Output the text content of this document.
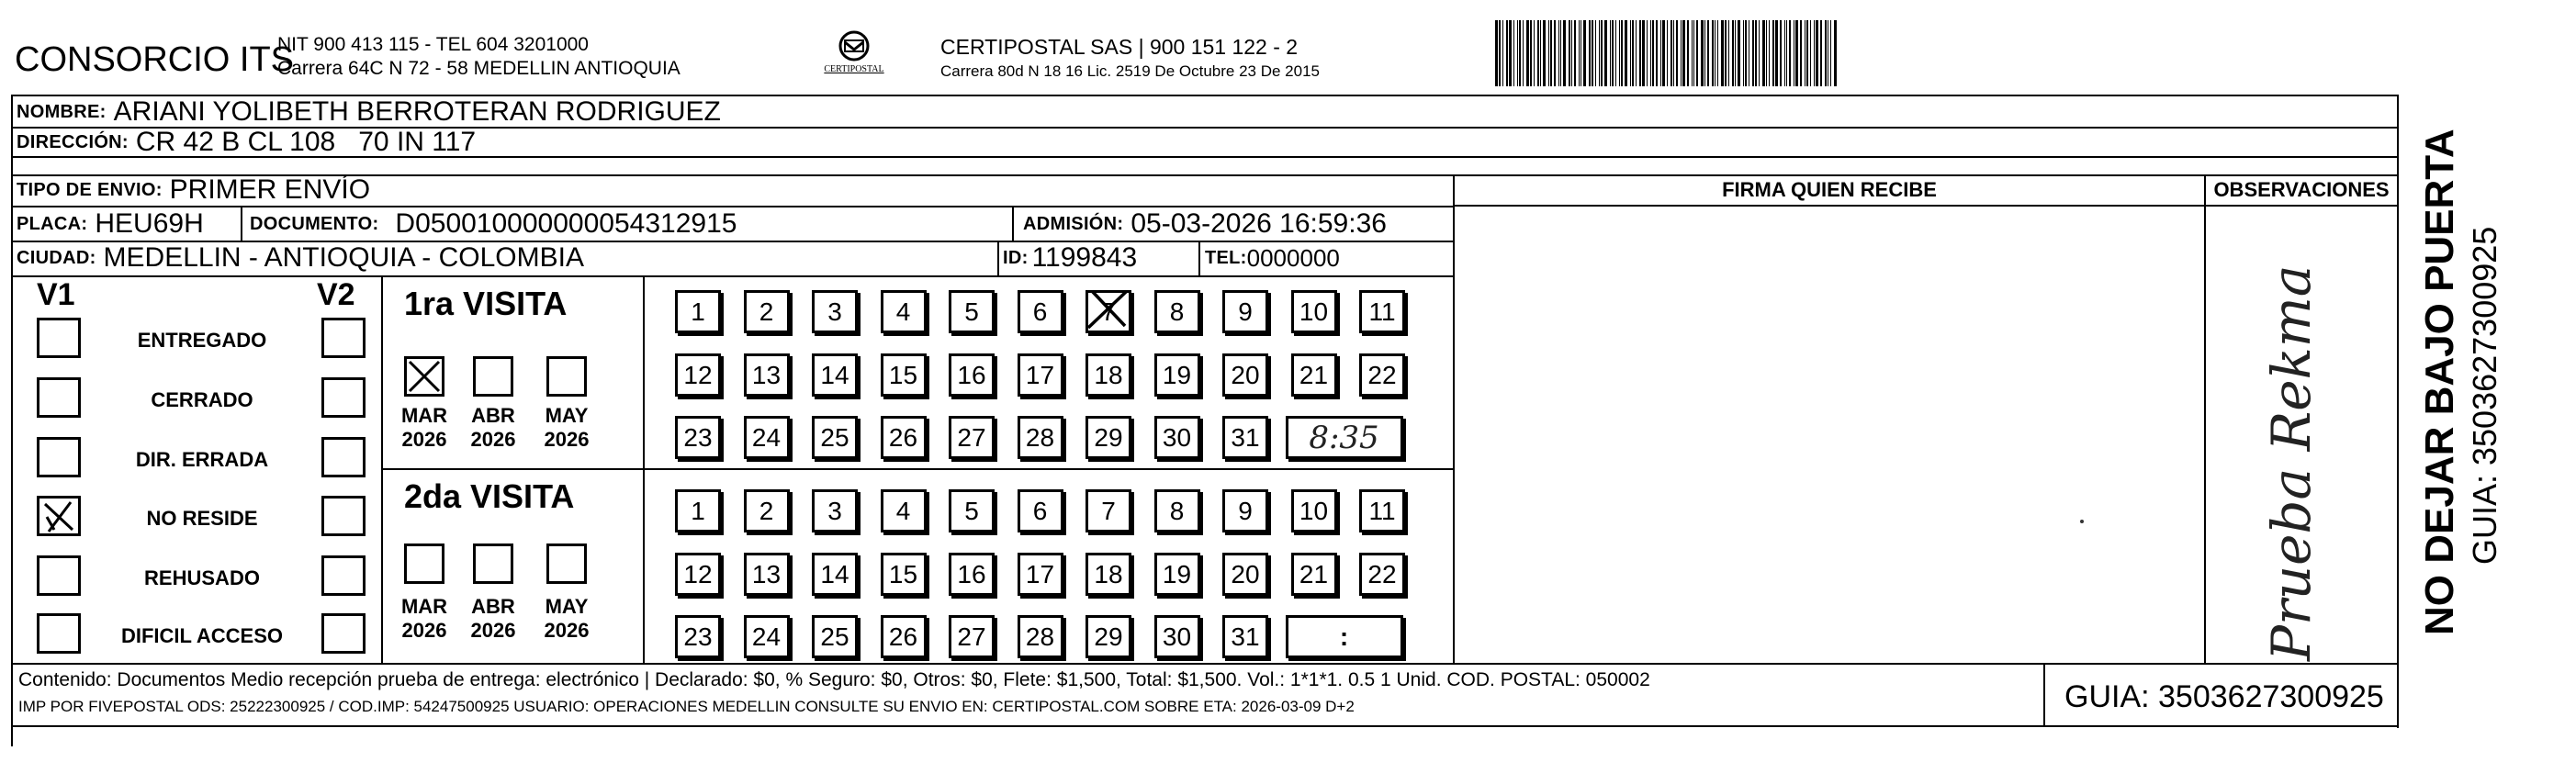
CONSORCIO ITS
NIT 900 413 115 - TEL 604 3201000
Carrera 64C N 72 - 58 MEDELLIN ANTIOQUIA	CERTIPOSTAL
CERTIPOSTAL SAS | 900 151 122 - 2
Carrera 80d N 18 16 Lic. 2519 De Octubre 23 De 2015
NOMBRE: ARIANI YOLIBETH BERROTERAN RODRIGUEZ
DIRECCIÓN: CR 42 B CL 108   70 IN 117
TIPO DE ENVIO: PRIMER ENVÍO
PLACA: HEU69H	DOCUMENTO: D050010000000054312915	ADMISIÓN: 05-03-2026 16:59:36
CIUDAD: MEDELLIN - ANTIOQUIA - COLOMBIA	ID: 1199843	TEL: 0000000
FIRMA QUIEN RECIBE	OBSERVACIONES
V1	V2
ENTREGADO
CERRADO
DIR. ERRADA
NO RESIDE
REHUSADO
DIFICIL ACCESO
1ra VISITA
MAR
2026
ABR
2026
MAY
2026
1 2 3 4 5 6 7 8 9 10 11
12 13 14 15 16 17 18 19 20 21 22
23 24 25 26 27 28 29 30 31 8:35
2da VISITA
MAR
2026
ABR
2026
MAY
2026
1 2 3 4 5 6 7 8 9 10 11
12 13 14 15 16 17 18 19 20 21 22
23 24 25 26 27 28 29 30 31	:	Prueba Rekma NO DEJAR BAJO PUERTA GUIA: 3503627300925
Contenido: Documentos Medio recepción prueba de entrega: electrónico | Declarado: $0, % Seguro: $0, Otros: $0, Flete: $1,500, Total: $1,500. Vol.: 1*1*1. 0.5 1 Unid. COD. POSTAL: 050002
IMP POR FIVEPOSTAL ODS: 25222300925 / COD.IMP: 54247500925 USUARIO: OPERACIONES MEDELLIN CONSULTE SU ENVIO EN: CERTIPOSTAL.COM SOBRE ETA: 2026-03-09 D+2	GUIA: 3503627300925
